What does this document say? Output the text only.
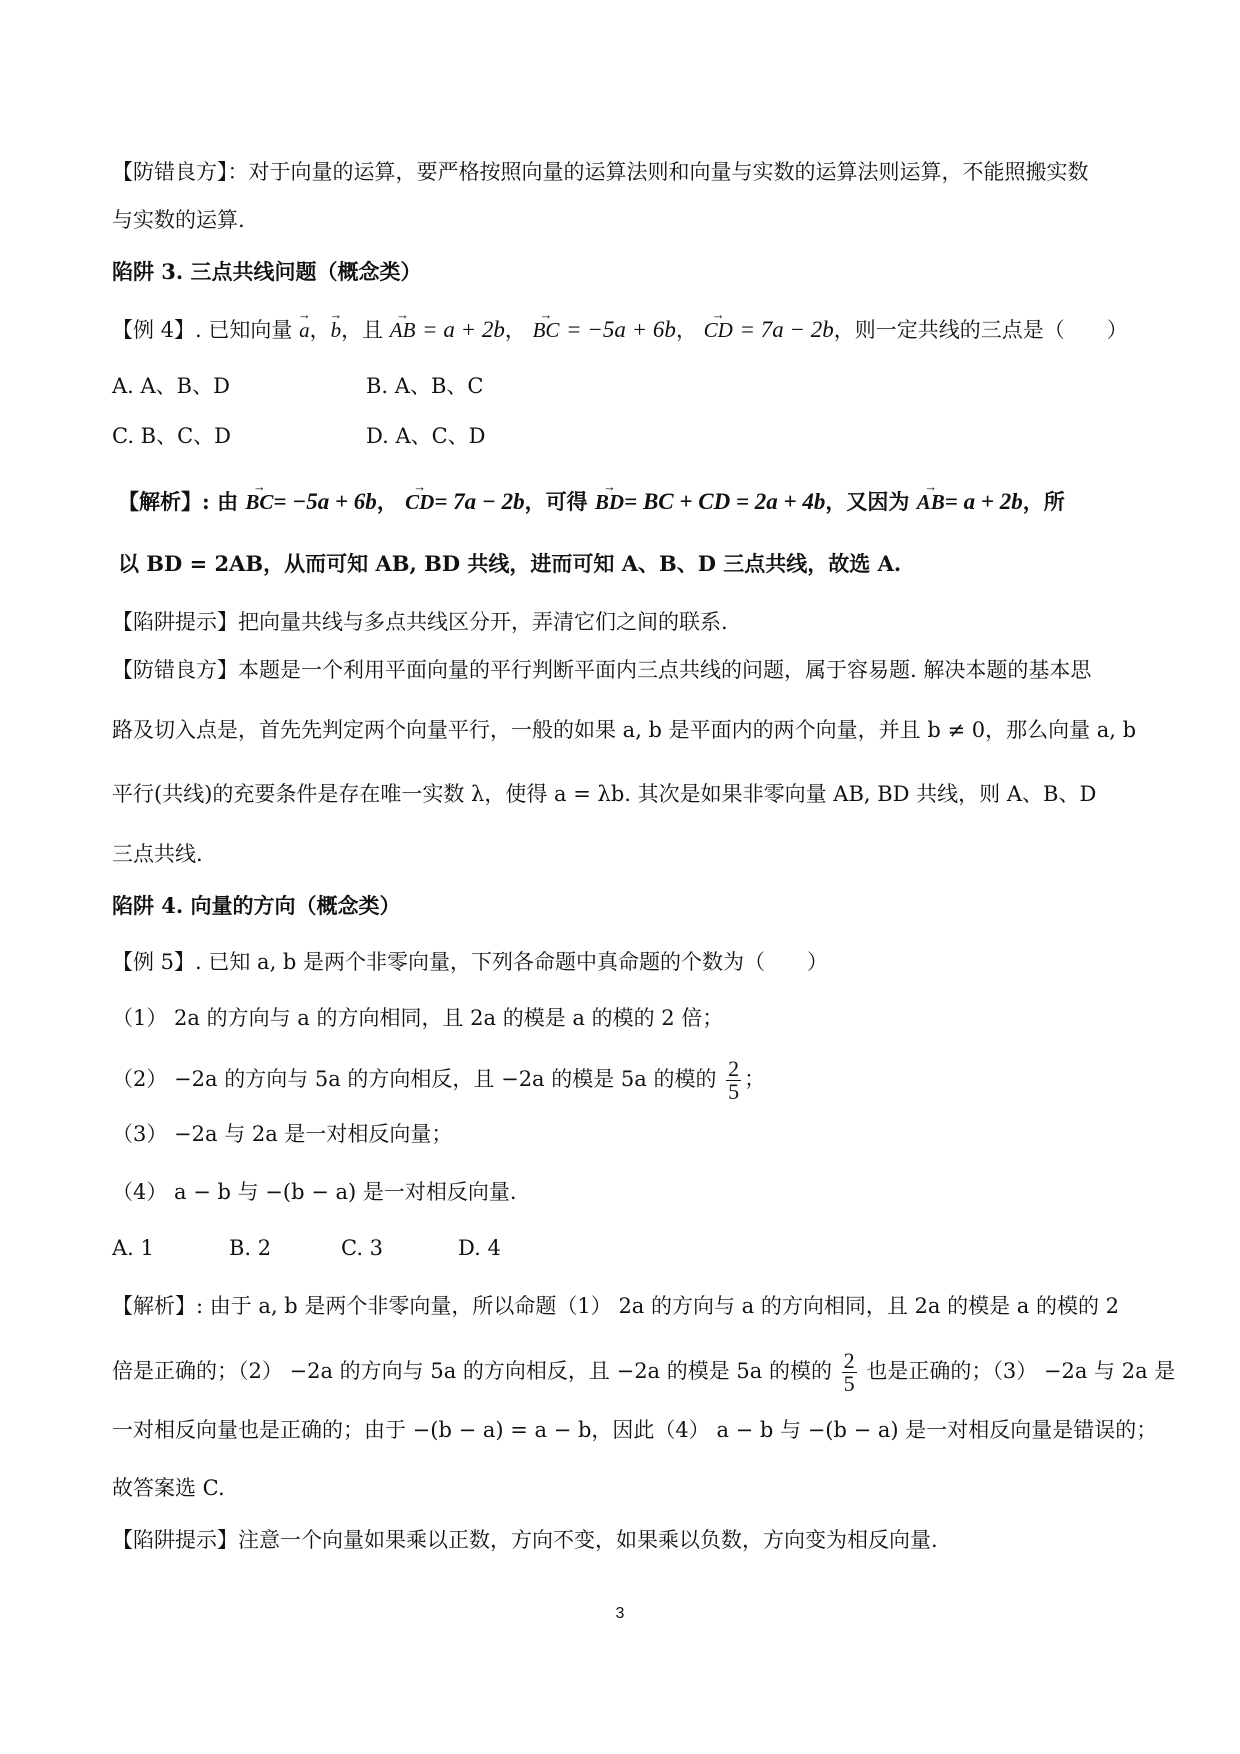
【防错良方】：对于向量的运算，要严格按照向量的运算法则和向量与实数的运算法则运算，不能照搬实数
与实数的运算.
陷阱 3. 三点共线问题（概念类）
【例 4】. 已知向量 → a，→ b，且 → AB = a + 2b， → BC = −5a + 6b， → CD = 7a − 2b，则一定共线的三点是（　　）
A. A、B、D	B. A、B、C
C. B、C、D	D. A、C、D
【解析】: 由 → BC= −5a + 6b， → CD= 7a − 2b，可得 → BD= BC + CD = 2a + 4b，又因为 → AB= a + 2b，所
以 BD = 2AB，从而可知 AB, BD 共线，进而可知 A、B、D 三点共线，故选 A.
【陷阱提示】把向量共线与多点共线区分开，弄清它们之间的联系.
【防错良方】本题是一个利用平面向量的平行判断平面内三点共线的问题，属于容易题. 解决本题的基本思
路及切入点是，首先先判定两个向量平行，一般的如果 a, b 是平面内的两个向量，并且 b ≠ 0，那么向量 a, b
平行(共线)的充要条件是存在唯一实数 λ，使得 a = λb. 其次是如果非零向量 AB, BD 共线，则 A、B、D
三点共线.
陷阱 4. 向量的方向（概念类）
【例 5】. 已知 a, b 是两个非零向量，下列各命题中真命题的个数为（　　）
（1） 2a 的方向与 a 的方向相同，且 2a 的模是 a 的模的 2 倍；
（2） −2a 的方向与 5a 的方向相反，且 −2a 的模是 5a 的模的 $\frac{2}{5}$ ；
（3） −2a 与 2a 是一对相反向量；
（4） a − b 与 −(b − a) 是一对相反向量.
A. 1	B. 2	C. 3	D. 4
【解析】: 由于 a, b 是两个非零向量，所以命题（1） 2a 的方向与 a 的方向相同，且 2a 的模是 a 的模的 2
倍是正确的；（2） −2a 的方向与 5a 的方向相反，且 −2a 的模是 5a 的模的 $\frac{2}{5}$ 也是正确的；（3） −2a 与 2a 是
一对相反向量也是正确的；由于 −(b − a) = a − b，因此（4） a − b 与 −(b − a) 是一对相反向量是错误的；
故答案选 C.
【陷阱提示】注意一个向量如果乘以正数，方向不变，如果乘以负数，方向变为相反向量.
3
